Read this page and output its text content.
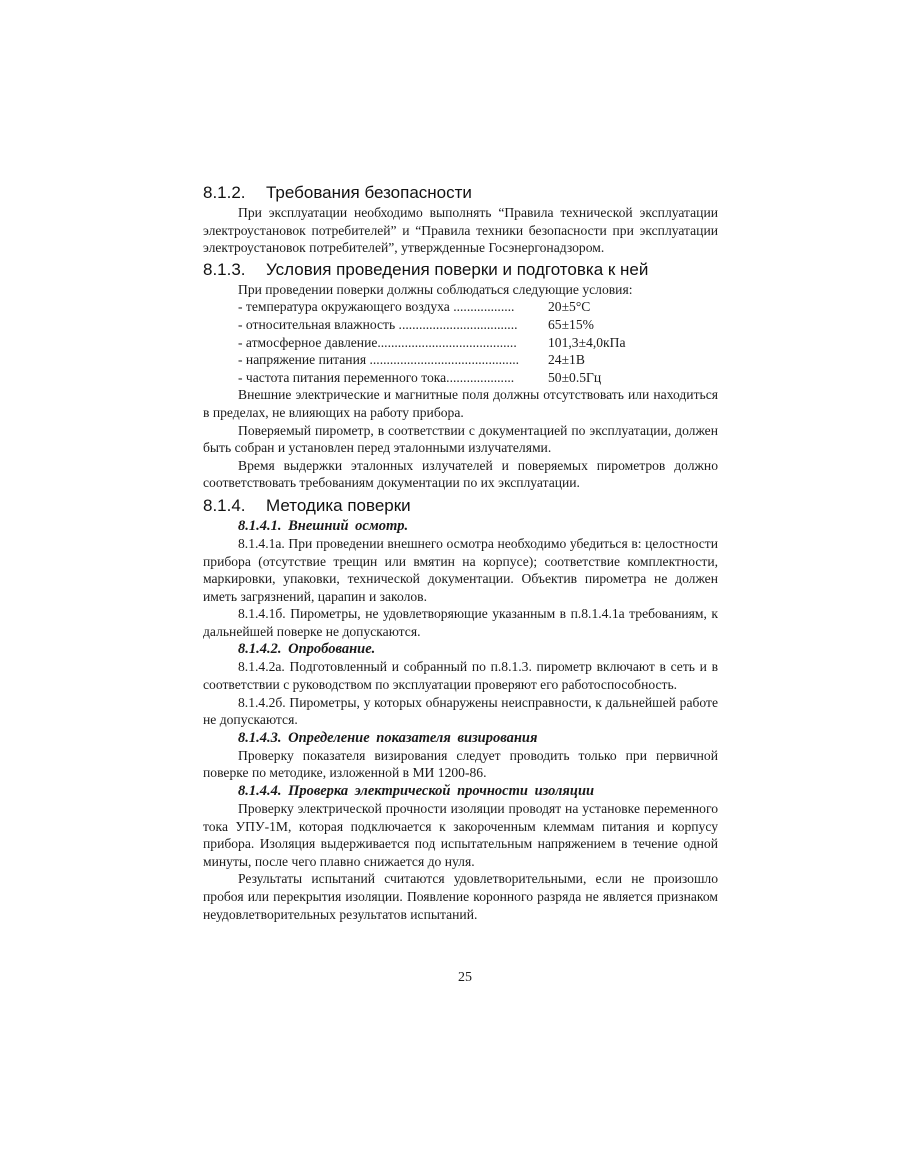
8.1.2.	Требования безопасности

При эксплуатации необходимо выполнять “Правила технической эксплуатации электроустановок потребителей” и “Правила техники безопасности при эксплуатации электроустановок потребителей”, утвержденные Госэнергонадзором.

8.1.3.	Условия проведения поверки и подготовка к ней
При проведении поверки должны соблюдаться следующие условия:
- температура окружающего воздуха ..................	20±5°C
- относительная влажность ...................................	65±15%
- атмосферное давление.........................................	101,3±4,0кПа
- напряжение питания ............................................	24±1В
- частота питания переменного тока....................	50±0.5Гц

Внешние электрические и магнитные поля должны отсутствовать или находиться в пределах, не влияющих на работу прибора.

Поверяемый пирометр, в соответствии с документацией по эксплуатации, должен быть собран и установлен перед эталонными излучателями.

Время выдержки эталонных излучателей и поверяемых пирометров должно соответствовать требованиям документации по их эксплуатации.

8.1.4.	Методика поверки
8.1.4.1. Внешний осмотр.

8.1.4.1а. При проведении внешнего осмотра необходимо убедиться в: целостности прибора (отсутствие трещин или вмятин на корпусе); соответствие комплектности, маркировки, упаковки, технической документации. Объектив пирометра не должен иметь загрязнений, царапин и заколов.

8.1.4.1б. Пирометры, не удовлетворяющие указанным в п.8.1.4.1а требованиям, к дальнейшей поверке не допускаются.

8.1.4.2. Опробование.

8.1.4.2а. Подготовленный и собранный по п.8.1.3. пирометр включают в сеть и в соответствии с руководством по эксплуатации проверяют его работоспособность.

8.1.4.2б. Пирометры, у которых обнаружены неисправности, к дальнейшей работе не допускаются.

8.1.4.3. Определение показателя визирования

Проверку показателя визирования следует проводить только при первичной поверке по методике, изложенной в МИ 1200-86.

8.1.4.4. Проверка электрической прочности изоляции

Проверку электрической прочности изоляции проводят на установке переменного тока УПУ-1М, которая подключается к закороченным клеммам питания и корпусу прибора. Изоляция выдерживается под испытательным напряжением в течение одной минуты, после чего плавно снижается до нуля.

Результаты испытаний считаются удовлетворительными, если не произошло пробоя или перекрытия изоляции. Появление коронного разряда не является признаком неудовлетворительных результатов испытаний.

25
